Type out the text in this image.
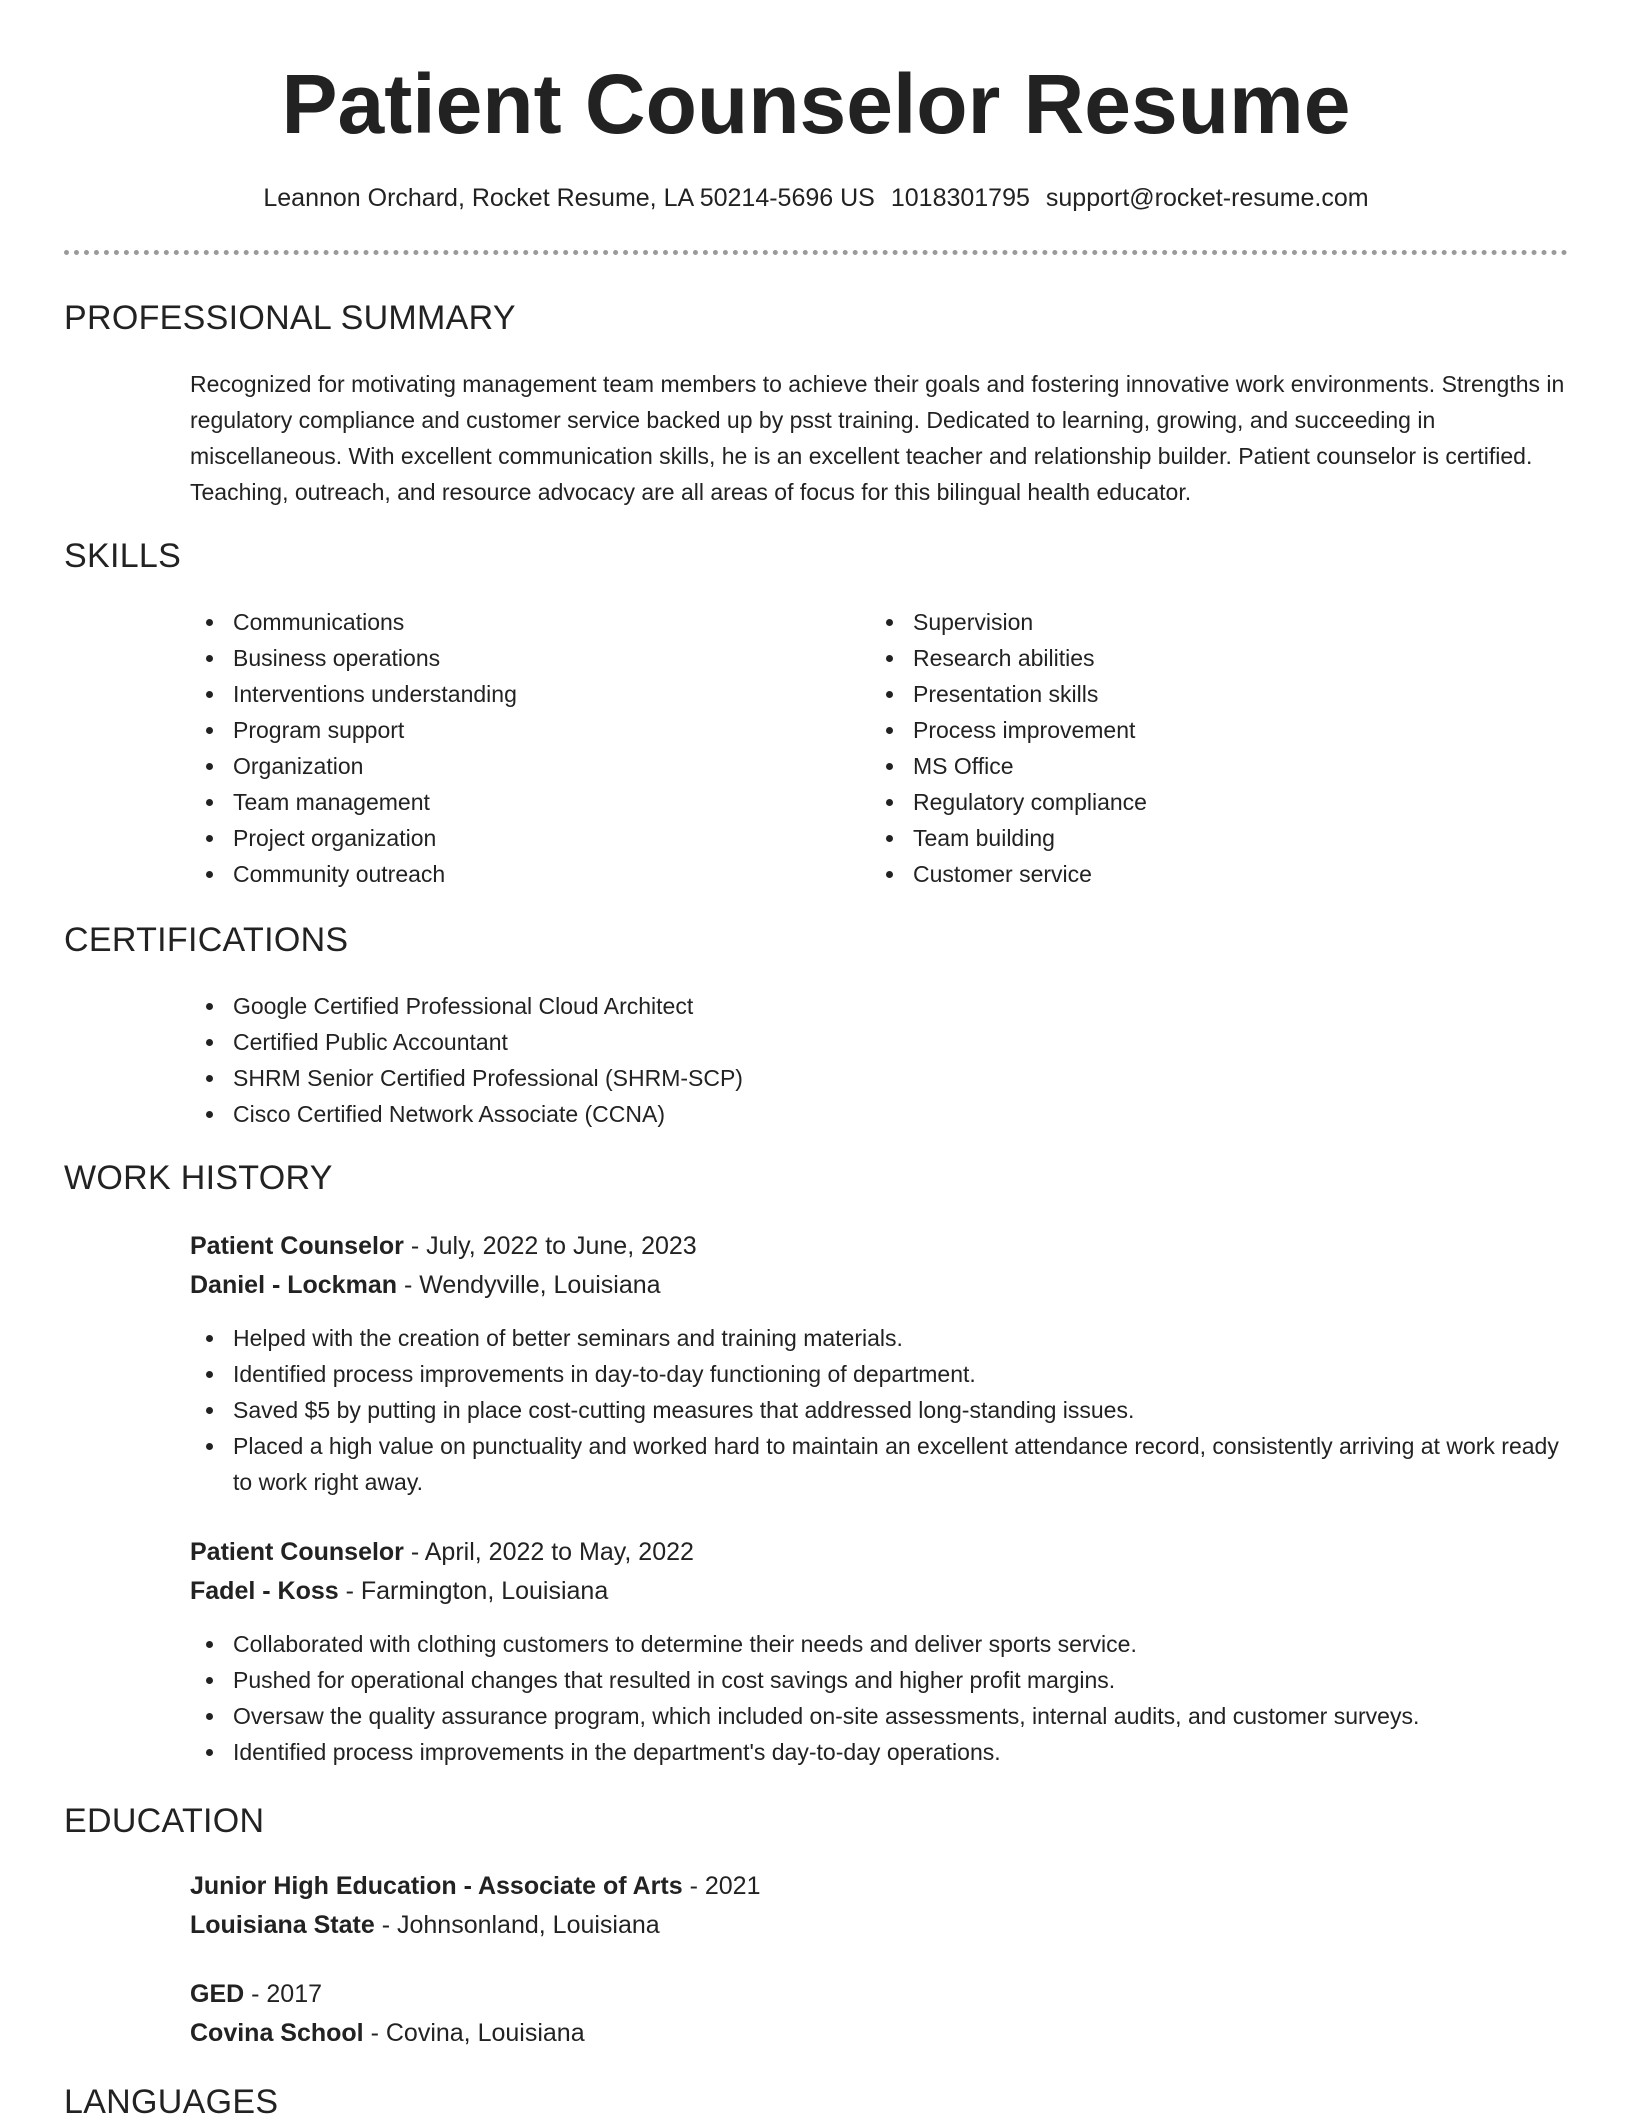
Patient Counselor Resume
Leannon Orchard, Rocket Resume, LA 50214-5696 US 1018301795 support@rocket-resume.com
PROFESSIONAL SUMMARY

Recognized for motivating management team members to achieve their goals and fostering innovative work environments. Strengths in regulatory compliance and customer service backed up by psst training. Dedicated to learning, growing, and succeeding in miscellaneous. With excellent communication skills, he is an excellent teacher and relationship builder. Patient counselor is certified. Teaching, outreach, and resource advocacy are all areas of focus for this bilingual health educator.

SKILLS
Communications
Business operations
Interventions understanding
Program support
Organization
Team management
Project organization
Community outreach
Supervision
Research abilities
Presentation skills
Process improvement
MS Office
Regulatory compliance
Team building
Customer service
CERTIFICATIONS
Google Certified Professional Cloud Architect
Certified Public Accountant
SHRM Senior Certified Professional (SHRM-SCP)
Cisco Certified Network Associate (CCNA)
WORK HISTORY
Patient Counselor - July, 2022 to June, 2023
Daniel - Lockman - Wendyville, Louisiana
Helped with the creation of better seminars and training materials.
Identified process improvements in day-to-day functioning of department.
Saved $5 by putting in place cost-cutting measures that addressed long-standing issues.
Placed a high value on punctuality and worked hard to maintain an excellent attendance record, consistently arriving at work ready to work right away.
Patient Counselor - April, 2022 to May, 2022
Fadel - Koss - Farmington, Louisiana
Collaborated with clothing customers to determine their needs and deliver sports service.
Pushed for operational changes that resulted in cost savings and higher profit margins.
Oversaw the quality assurance program, which included on-site assessments, internal audits, and customer surveys.
Identified process improvements in the department's day-to-day operations.
EDUCATION
Junior High Education - Associate of Arts - 2021
Louisiana State - Johnsonland, Louisiana
GED - 2017
Covina School - Covina, Louisiana
LANGUAGES
